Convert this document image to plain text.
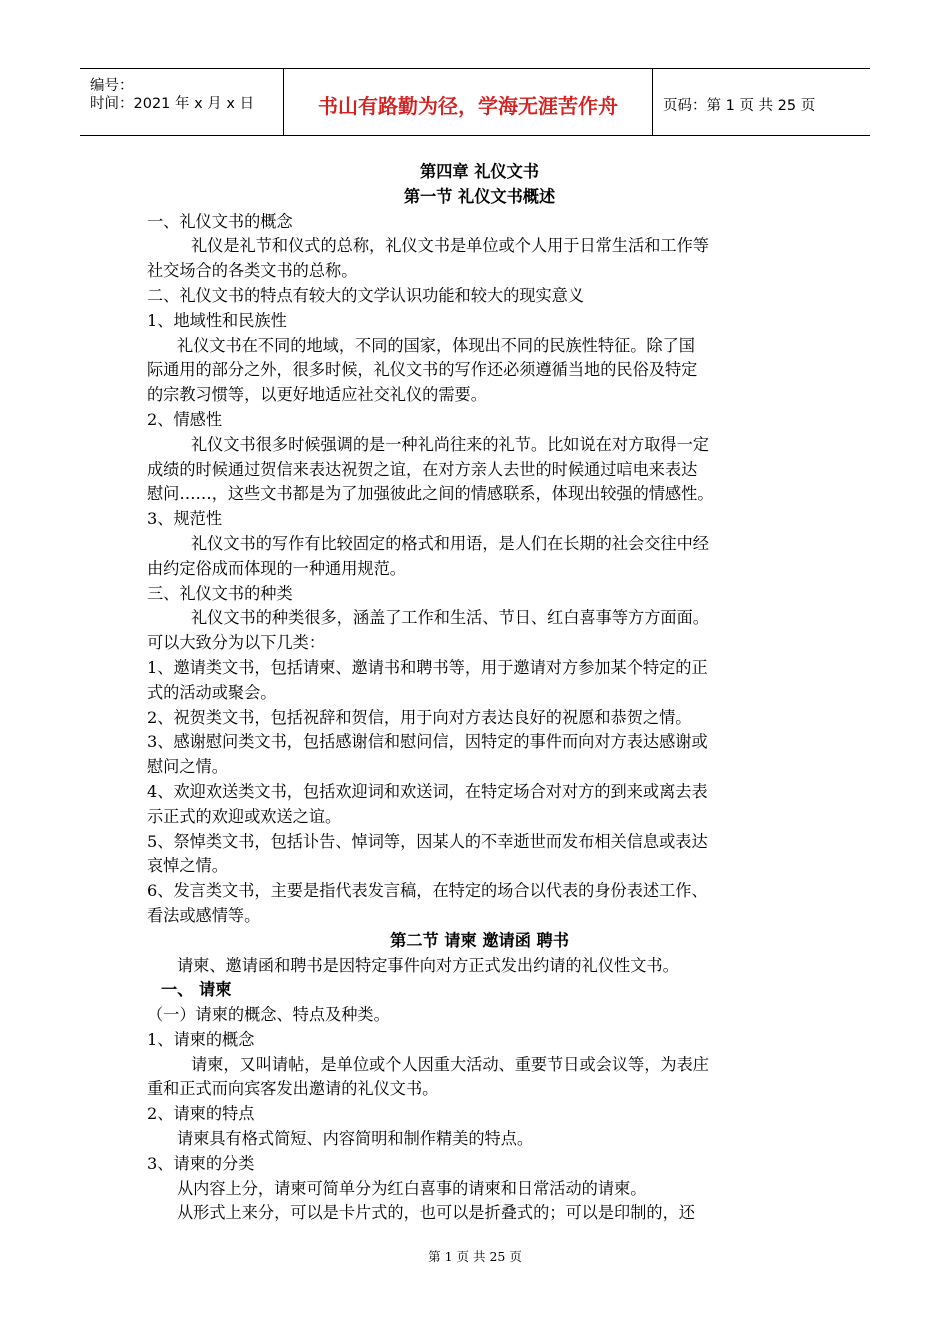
编号：
时间：2021 年 x 月 x 日	书山有路勤为径，学海无涯苦作舟	页码：第 1 页 共 25 页
第四章 礼仪文书
第一节 礼仪文书概述
一、礼仪文书的概念
礼仪是礼节和仪式的总称，礼仪文书是单位或个人用于日常生活和工作等
社交场合的各类文书的总称。
二、礼仪文书的特点有较大的文学认识功能和较大的现实意义
1、地域性和民族性
礼仪文书在不同的地域，不同的国家，体现出不同的民族性特征。除了国
际通用的部分之外，很多时候，礼仪文书的写作还必须遵循当地的民俗及特定
的宗教习惯等，以更好地适应社交礼仪的需要。
2、情感性
礼仪文书很多时候强调的是一种礼尚往来的礼节。比如说在对方取得一定
成绩的时候通过贺信来表达祝贺之谊，在对方亲人去世的时候通过唁电来表达
慰问……，这些文书都是为了加强彼此之间的情感联系，体现出较强的情感性。
3、规范性
礼仪文书的写作有比较固定的格式和用语，是人们在长期的社会交往中经
由约定俗成而体现的一种通用规范。
三、礼仪文书的种类
礼仪文书的种类很多，涵盖了工作和生活、节日、红白喜事等方方面面。
可以大致分为以下几类：
1、邀请类文书，包括请柬、邀请书和聘书等，用于邀请对方参加某个特定的正
式的活动或聚会。
2、祝贺类文书，包括祝辞和贺信，用于向对方表达良好的祝愿和恭贺之情。
3、感谢慰问类文书，包括感谢信和慰问信，因特定的事件而向对方表达感谢或
慰问之情。
4、欢迎欢送类文书，包括欢迎词和欢送词，在特定场合对对方的到来或离去表
示正式的欢迎或欢送之谊。
5、祭悼类文书，包括讣告、悼词等，因某人的不幸逝世而发布相关信息或表达
哀悼之情。
6、发言类文书，主要是指代表发言稿，在特定的场合以代表的身份表述工作、
看法或感情等。
第二节 请柬 邀请函 聘书
请柬、邀请函和聘书是因特定事件向对方正式发出约请的礼仪性文书。
一、 请柬
（一）请柬的概念、特点及种类。
1、请柬的概念
请柬，又叫请帖，是单位或个人因重大活动、重要节日或会议等，为表庄
重和正式而向宾客发出邀请的礼仪文书。
2、请柬的特点
请柬具有格式简短、内容简明和制作精美的特点。
3、请柬的分类
从内容上分，请柬可简单分为红白喜事的请柬和日常活动的请柬。
从形式上来分，可以是卡片式的，也可以是折叠式的；可以是印制的，还
第 1 页 共 25 页
